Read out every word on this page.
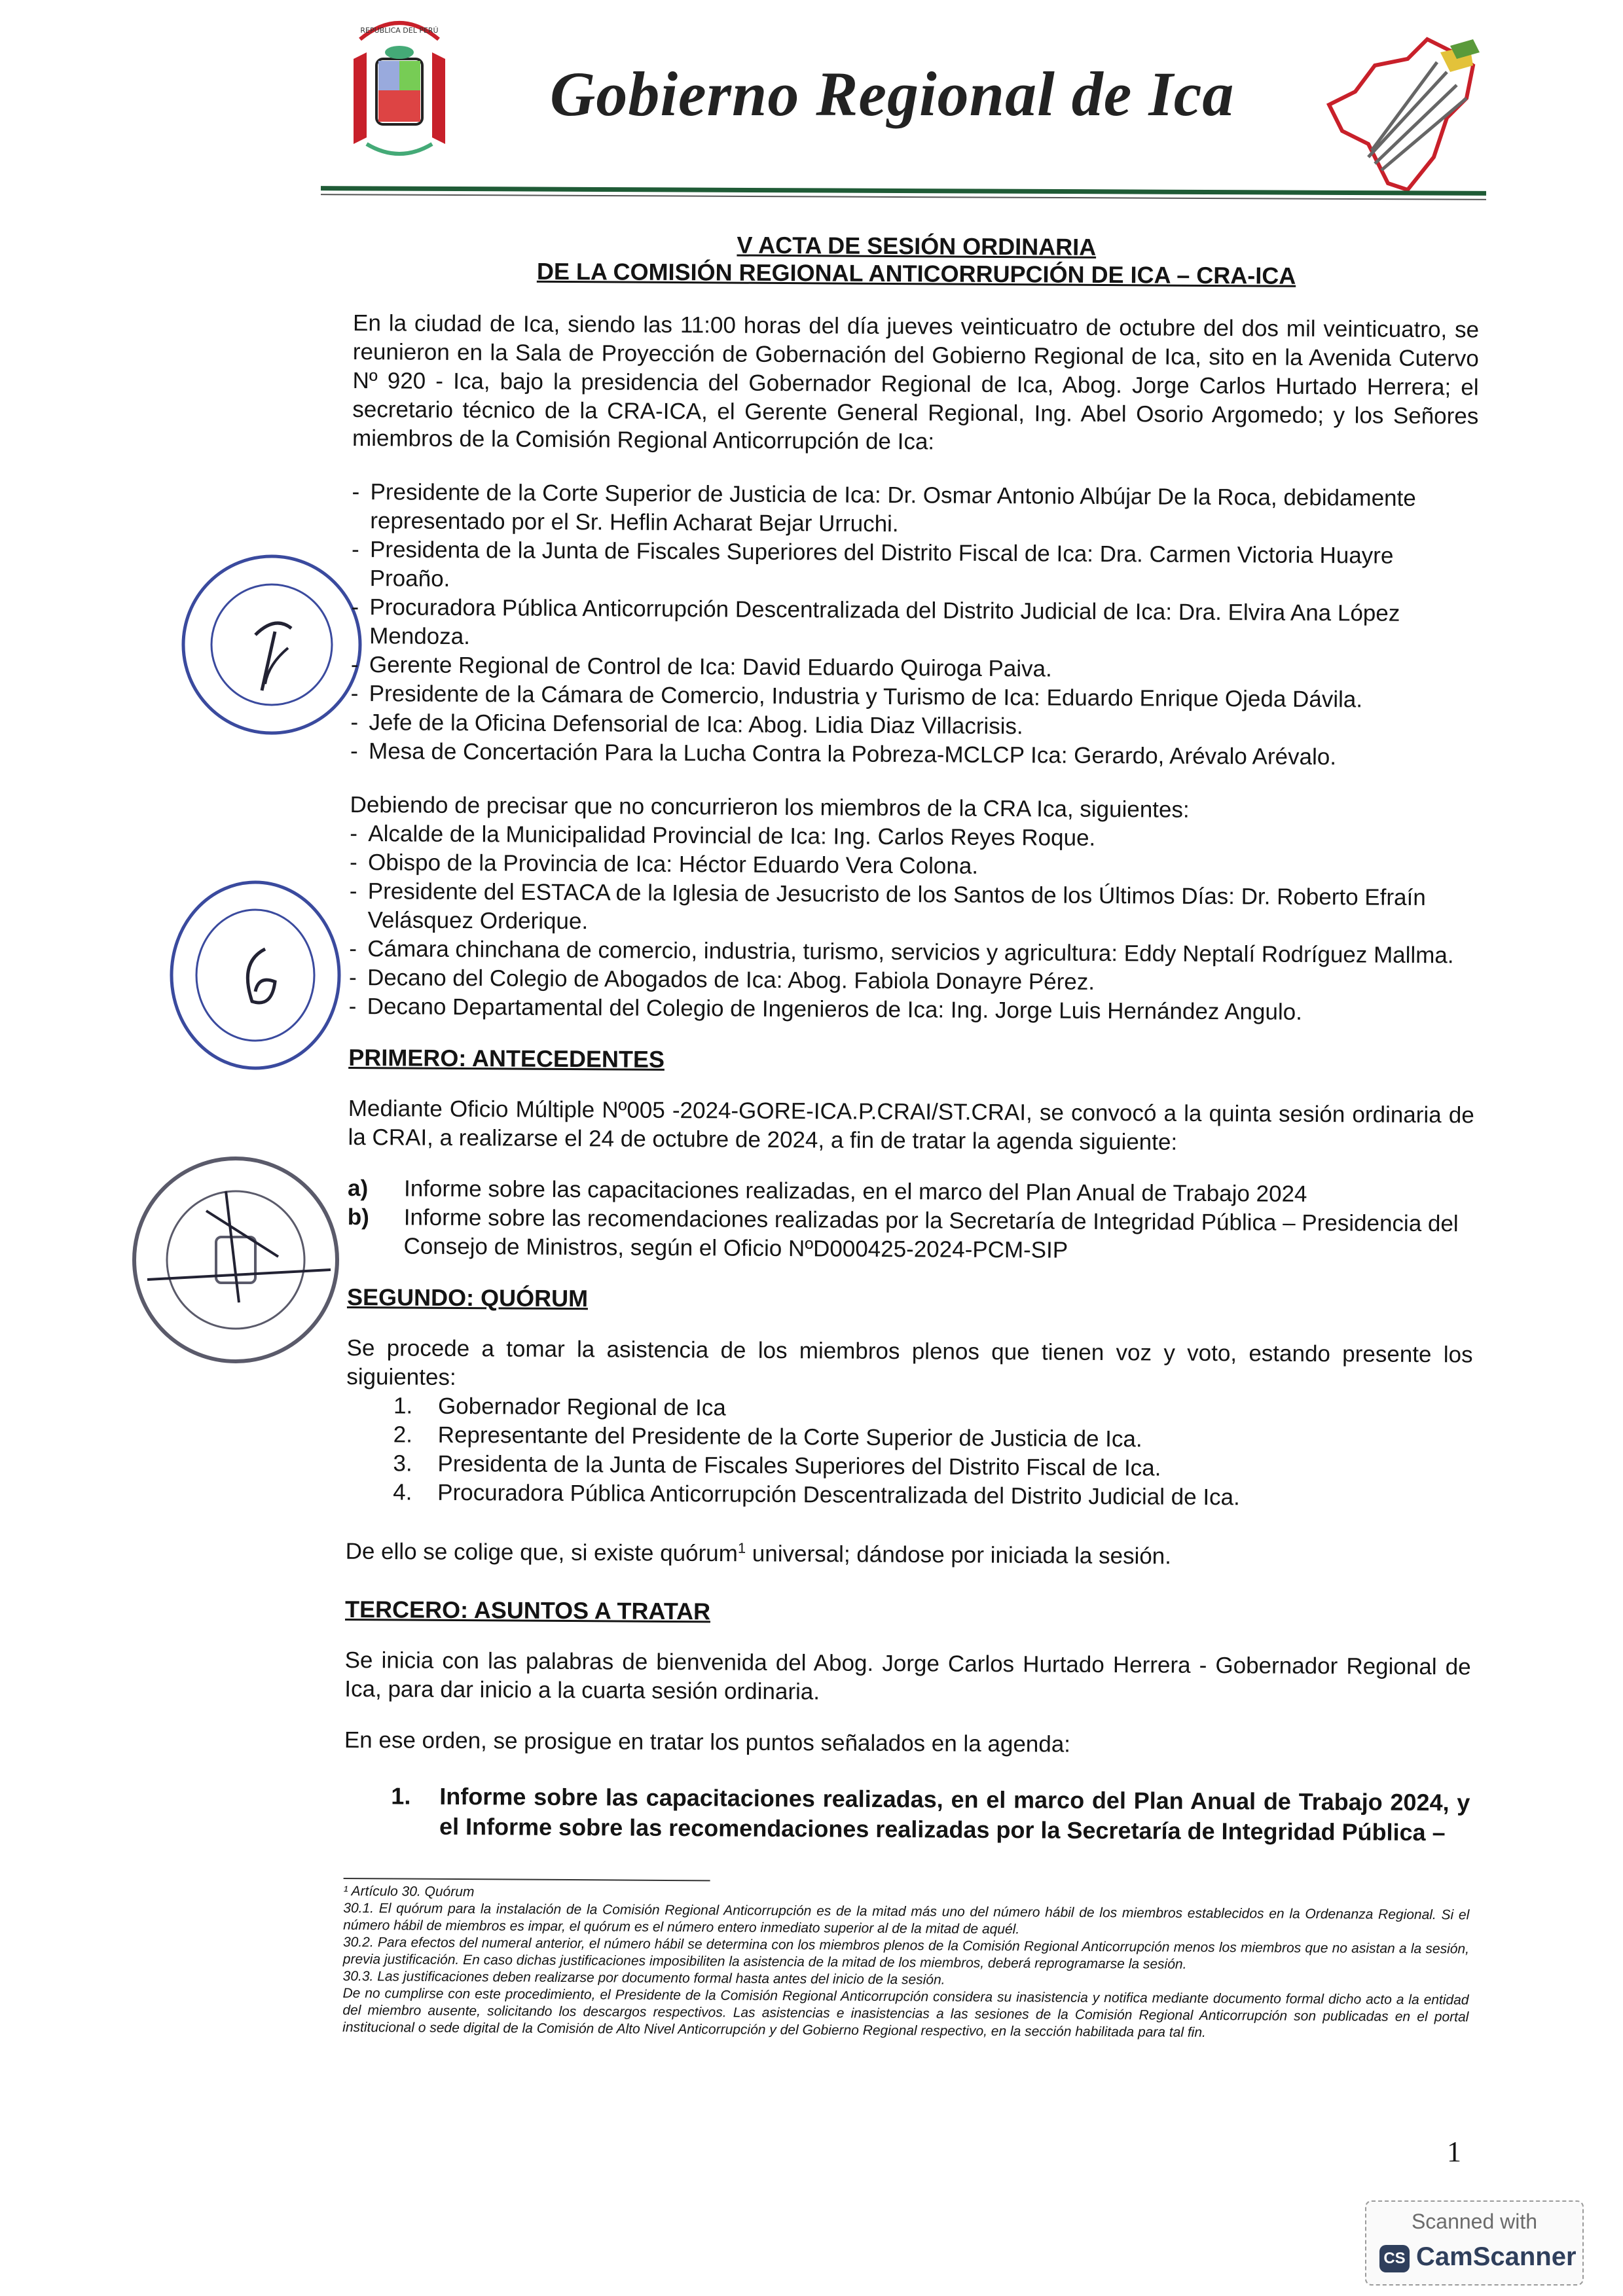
REPUBLICA DEL PERÚ
Gobierno Regional de Ica
V ACTA DE SESIÓN ORDINARIA
DE LA COMISIÓN REGIONAL ANTICORRUPCIÓN DE ICA – CRA-ICA

En la ciudad de Ica, siendo las 11:00 horas del día jueves veinticuatro de octubre del dos mil veinticuatro, se reunieron en la Sala de Proyección de Gobernación del Gobierno Regional de Ica, sito en la Avenida Cutervo Nº 920 - Ica, bajo la presidencia del Gobernador Regional de Ica, Abog. Jorge Carlos Hurtado Herrera; el secretario técnico de la CRA-ICA, el Gerente General Regional, Ing. Abel Osorio Argomedo; y los Señores miembros de la Comisión Regional Anticorrupción de Ica:

- Presidente de la Corte Superior de Justicia de Ica: Dr. Osmar Antonio Albújar De la Roca, debidamente representado por el Sr. Heflin Acharat Bejar Urruchi.
- Presidenta de la Junta de Fiscales Superiores del Distrito Fiscal de Ica: Dra. Carmen Victoria Huayre Proaño.
- Procuradora Pública Anticorrupción Descentralizada del Distrito Judicial de Ica: Dra. Elvira Ana López Mendoza.
- Gerente Regional de Control de Ica: David Eduardo Quiroga Paiva.
- Presidente de la Cámara de Comercio, Industria y Turismo de Ica: Eduardo Enrique Ojeda Dávila.
- Jefe de la Oficina Defensorial de Ica: Abog. Lidia Diaz Villacrisis.
- Mesa de Concertación Para la Lucha Contra la Pobreza-MCLCP Ica: Gerardo, Arévalo Arévalo.

Debiendo de precisar que no concurrieron los miembros de la CRA Ica, siguientes:

- Alcalde de la Municipalidad Provincial de Ica: Ing. Carlos Reyes Roque.
- Obispo de la Provincia de Ica: Héctor Eduardo Vera Colona.
- Presidente del ESTACA de la Iglesia de Jesucristo de los Santos de los Últimos Días: Dr. Roberto Efraín Velásquez Orderique.
- Cámara chinchana de comercio, industria, turismo, servicios y agricultura: Eddy Neptalí Rodríguez Mallma.
- Decano del Colegio de Abogados de Ica: Abog. Fabiola Donayre Pérez.
- Decano Departamental del Colegio de Ingenieros de Ica: Ing. Jorge Luis Hernández Angulo.
PRIMERO: ANTECEDENTES

Mediante Oficio Múltiple Nº005 -2024-GORE-ICA.P.CRAI/ST.CRAI, se convocó a la quinta sesión ordinaria de la CRAI, a realizarse el 24 de octubre de 2024, a fin de tratar la agenda siguiente:

a) Informe sobre las capacitaciones realizadas, en el marco del Plan Anual de Trabajo 2024
b) Informe sobre las recomendaciones realizadas por la Secretaría de Integridad Pública – Presidencia del Consejo de Ministros, según el Oficio NºD000425-2024-PCM-SIP
SEGUNDO: QUÓRUM

Se procede a tomar la asistencia de los miembros plenos que tienen voz y voto, estando presente los siguientes:

1. Gobernador Regional de Ica
2. Representante del Presidente de la Corte Superior de Justicia de Ica.
3. Presidenta de la Junta de Fiscales Superiores del Distrito Fiscal de Ica.
4. Procuradora Pública Anticorrupción Descentralizada del Distrito Judicial de Ica.

De ello se colige que, si existe quórum$^1$ universal; dándose por iniciada la sesión.

TERCERO: ASUNTOS A TRATAR

Se inicia con las palabras de bienvenida del Abog. Jorge Carlos Hurtado Herrera - Gobernador Regional de Ica, para dar inicio a la cuarta sesión ordinaria.

En ese orden, se prosigue en tratar los puntos señalados en la agenda:

1. Informe sobre las capacitaciones realizadas, en el marco del Plan Anual de Trabajo 2024, y el Informe sobre las recomendaciones realizadas por la Secretaría de Integridad Pública –
¹ Artículo 30. Quórum

30.1. El quórum para la instalación de la Comisión Regional Anticorrupción es de la mitad más uno del número hábil de los miembros establecidos en la Ordenanza Regional. Si el número hábil de miembros es impar, el quórum es el número entero inmediato superior al de la mitad de aquél.

30.2. Para efectos del numeral anterior, el número hábil se determina con los miembros plenos de la Comisión Regional Anticorrupción menos los miembros que no asistan a la sesión, previa justificación. En caso dichas justificaciones imposibiliten la asistencia de la mitad de los miembros, deberá reprogramarse la sesión.

30.3. Las justificaciones deben realizarse por documento formal hasta antes del inicio de la sesión.

De no cumplirse con este procedimiento, el Presidente de la Comisión Regional Anticorrupción considera su inasistencia y notifica mediante documento formal dicho acto a la entidad del miembro ausente, solicitando los descargos respectivos. Las asistencias e inasistencias a las sesiones de la Comisión Regional Anticorrupción son publicadas en el portal institucional o sede digital de la Comisión de Alto Nivel Anticorrupción y del Gobierno Regional respectivo, en la sección habilitada para tal fin.

1
Scanned with
CS CamScanner
